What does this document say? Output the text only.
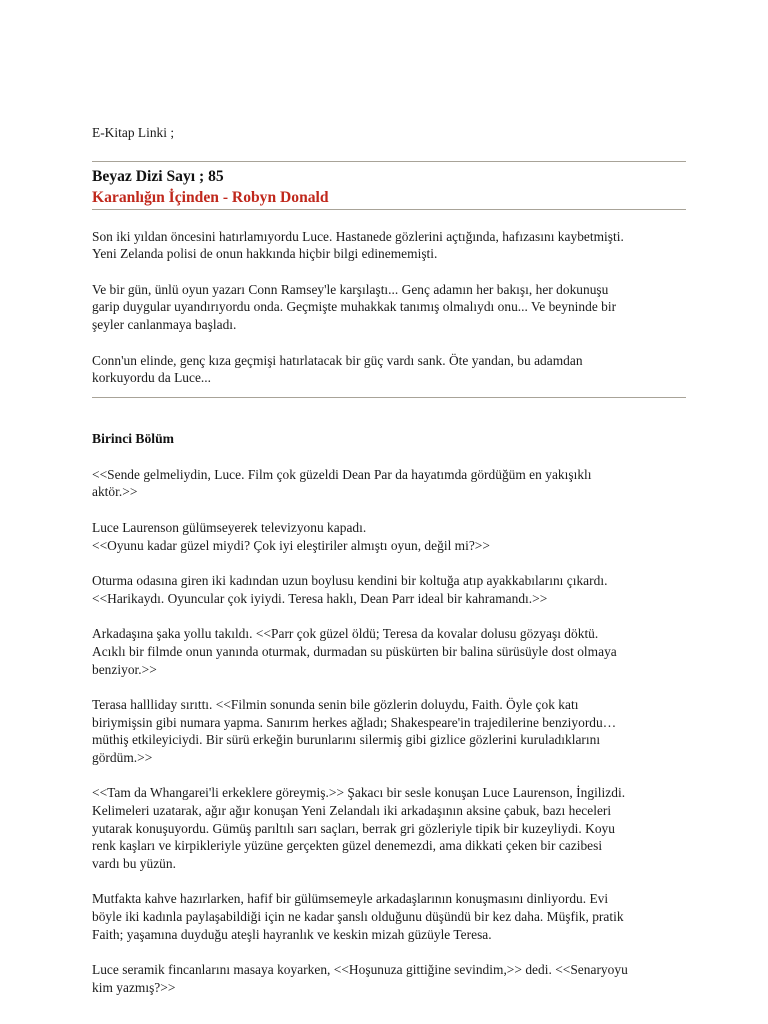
E-Kitap Linki ;
Beyaz Dizi Sayı ; 85
Karanlığın İçinden - Robyn Donald

Son iki yıldan öncesini hatırlamıyordu Luce. Hastanede gözlerini açtığında, hafızasını kaybetmişti.
Yeni Zelanda polisi de onun hakkında hiçbir bilgi edinememişti.

Ve bir gün, ünlü oyun yazarı Conn Ramsey'le karşılaştı... Genç adamın her bakışı, her dokunuşu
garip duygular uyandırıyordu onda. Geçmişte muhakkak tanımış olmalıydı onu... Ve beyninde bir
şeyler canlanmaya başladı.

Conn'un elinde, genç kıza geçmişi hatırlatacak bir güç vardı sank. Öte yandan, bu adamdan
korkuyordu da Luce...

Birinci Bölüm

<<Sende gelmeliydin, Luce. Film çok güzeldi Dean Par da hayatımda gördüğüm en yakışıklı
aktör.>>

Luce Laurenson gülümseyerek televizyonu kapadı.
<<Oyunu kadar güzel miydi? Çok iyi eleştiriler almıştı oyun, değil mi?>>

Oturma odasına giren iki kadından uzun boylusu kendini bir koltuğa atıp ayakkabılarını çıkardı.
<<Harikaydı. Oyuncular çok iyiydi. Teresa haklı, Dean Parr ideal bir kahramandı.>>

Arkadaşına şaka yollu takıldı. <<Parr çok güzel öldü; Teresa da kovalar dolusu gözyaşı döktü.
Acıklı bir filmde onun yanında oturmak, durmadan su püskürten bir balina sürüsüyle dost olmaya
benziyor.>>

Terasa hallliday sırıttı. <<Filmin sonunda senin bile gözlerin doluydu, Faith. Öyle çok katı
biriymişsin gibi numara yapma. Sanırım herkes ağladı; Shakespeare'in trajedilerine benziyordu…
müthiş etkileyiciydi. Bir sürü erkeğin burunlarını silermiş gibi gizlice gözlerini kuruladıklarını
gördüm.>>

<<Tam da Whangarei'li erkeklere göreymiş.>> Şakacı bir sesle konuşan Luce Laurenson, İngilizdi.
Kelimeleri uzatarak, ağır ağır konuşan Yeni Zelandalı iki arkadaşının aksine çabuk, bazı heceleri
yutarak konuşuyordu. Gümüş parıltılı sarı saçları, berrak gri gözleriyle tipik bir kuzeyliydi. Koyu
renk kaşları ve kirpikleriyle yüzüne gerçekten güzel denemezdi, ama dikkati çeken bir cazibesi
vardı bu yüzün.

Mutfakta kahve hazırlarken, hafif bir gülümsemeyle arkadaşlarının konuşmasını dinliyordu. Evi
böyle iki kadınla paylaşabildiği için ne kadar şanslı olduğunu düşündü bir kez daha. Müşfik, pratik
Faith; yaşamına duyduğu ateşli hayranlık ve keskin mizah güzüyle Teresa.

Luce seramik fincanlarını masaya koyarken, <<Hoşunuza gittiğine sevindim,>> dedi. <<Senaryoyu
kim yazmış?>>
